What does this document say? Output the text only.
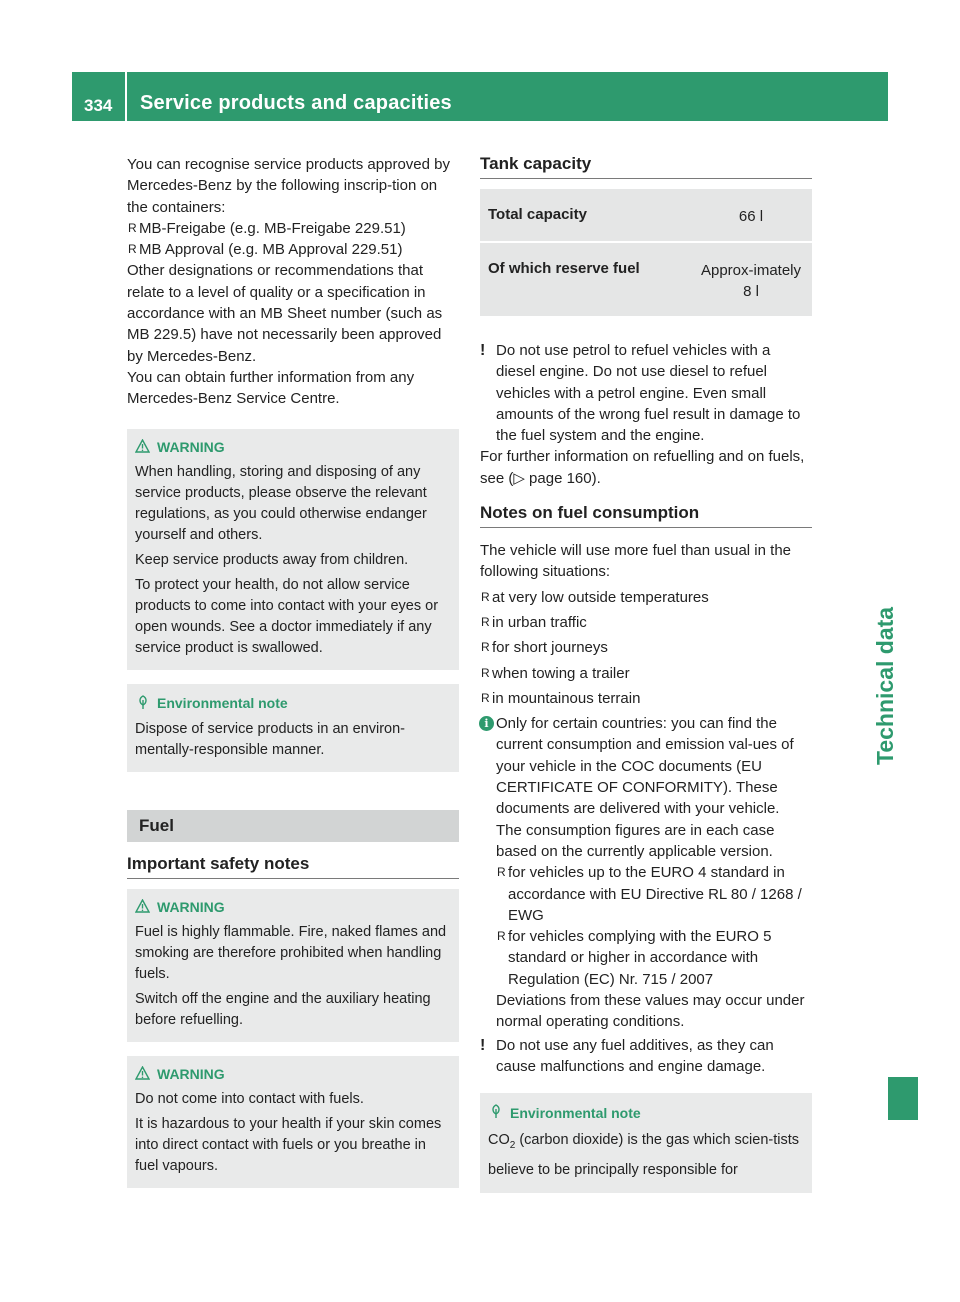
334	Service products and capacities
Technical data

You can recognise service products approved by Mercedes-Benz by the following inscrip-tion on the containers:

R MB-Freigabe (e.g. MB-Freigabe 229.51)
R MB Approval (e.g. MB Approval 229.51)

Other designations or recommendations that relate to a level of quality or a specification in accordance with an MB Sheet number (such as MB 229.5) have not necessarily been approved by Mercedes-Benz.

You can obtain further information from any Mercedes-Benz Service Centre.

WARNING

When handling, storing and disposing of any service products, please observe the relevant regulations, as you could otherwise endanger yourself and others.

Keep service products away from children.

To protect your health, do not allow service products to come into contact with your eyes or open wounds. See a doctor immediately if any service product is swallowed.

Environmental note

Dispose of service products in an environ-mentally-responsible manner.

Fuel
Important safety notes
WARNING

Fuel is highly flammable. Fire, naked flames and smoking are therefore prohibited when handling fuels.

Switch off the engine and the auxiliary heating before refuelling.

WARNING

Do not come into contact with fuels.

It is hazardous to your health if your skin comes into direct contact with fuels or you breathe in fuel vapours.

Tank capacity
Total capacity	66 l
Of which reserve fuel	Approx-imately 8 l
! Do not use petrol to refuel vehicles with a diesel engine. Do not use diesel to refuel vehicles with a petrol engine. Even small amounts of the wrong fuel result in damage to the fuel system and the engine.

For further information on refuelling and on fuels, see (▷ page 160).

Notes on fuel consumption

The vehicle will use more fuel than usual in the following situations:

R at very low outside temperatures
R in urban traffic
R for short journeys
R when towing a trailer
R in mountainous terrain
i Only for certain countries: you can find the current consumption and emission val-ues of your vehicle in the COC documents (EU CERTIFICATE OF CONFORMITY). These documents are delivered with your vehicle.

The consumption figures are in each case based on the currently applicable version.

R for vehicles up to the EURO 4 standard in accordance with EU Directive RL 80 / 1268 / EWG
R for vehicles complying with the EURO 5 standard or higher in accordance with Regulation (EC) Nr. 715 / 2007

Deviations from these values may occur under normal operating conditions.

! Do not use any fuel additives, as they can cause malfunctions and engine damage.
Environmental note

$CO_2$ (carbon dioxide) is the gas which scien-tists believe to be principally responsible for
